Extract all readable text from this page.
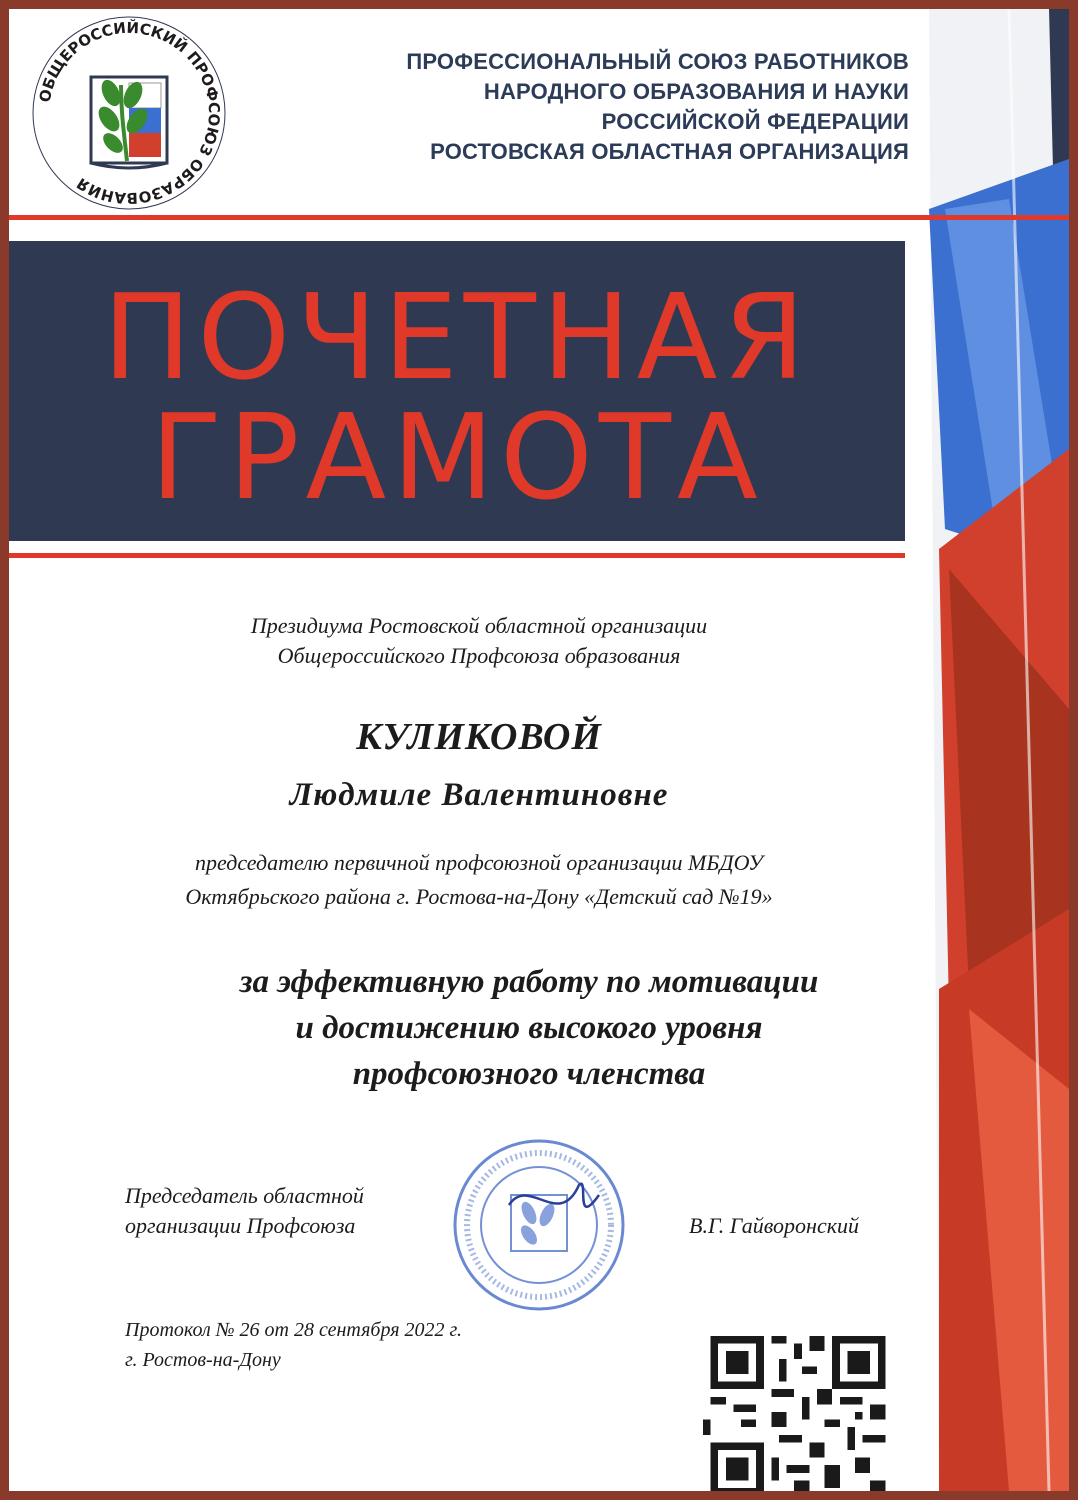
ОБЩЕРОССИЙСКИЙ ПРОФСОЮЗ ОБРАЗОВАНИЯ
ПРОФЕССИОНАЛЬНЫЙ СОЮЗ РАБОТНИКОВ
НАРОДНОГО ОБРАЗОВАНИЯ И НАУКИ
РОССИЙСКОЙ ФЕДЕРАЦИИ
РОСТОВСКАЯ ОБЛАСТНАЯ ОРГАНИЗАЦИЯ
ПОЧЕТНАЯ
ГРАМОТА
Президиума Ростовской областной организации
Общероссийского Профсоюза образования
КУЛИКОВОЙ
Людмиле Валентиновне
председателю первичной профсоюзной организации МБДОУ
Октябрьского района г. Ростова-на-Дону «Детский сад №19»
за эффективную работу по мотивации
и достижению высокого уровня
профсоюзного членства
Председатель областной
организации Профсоюза	В.Г. Гайворонский
Протокол № 26 от 28 сентября 2022 г.
г. Ростов-на-Дону
